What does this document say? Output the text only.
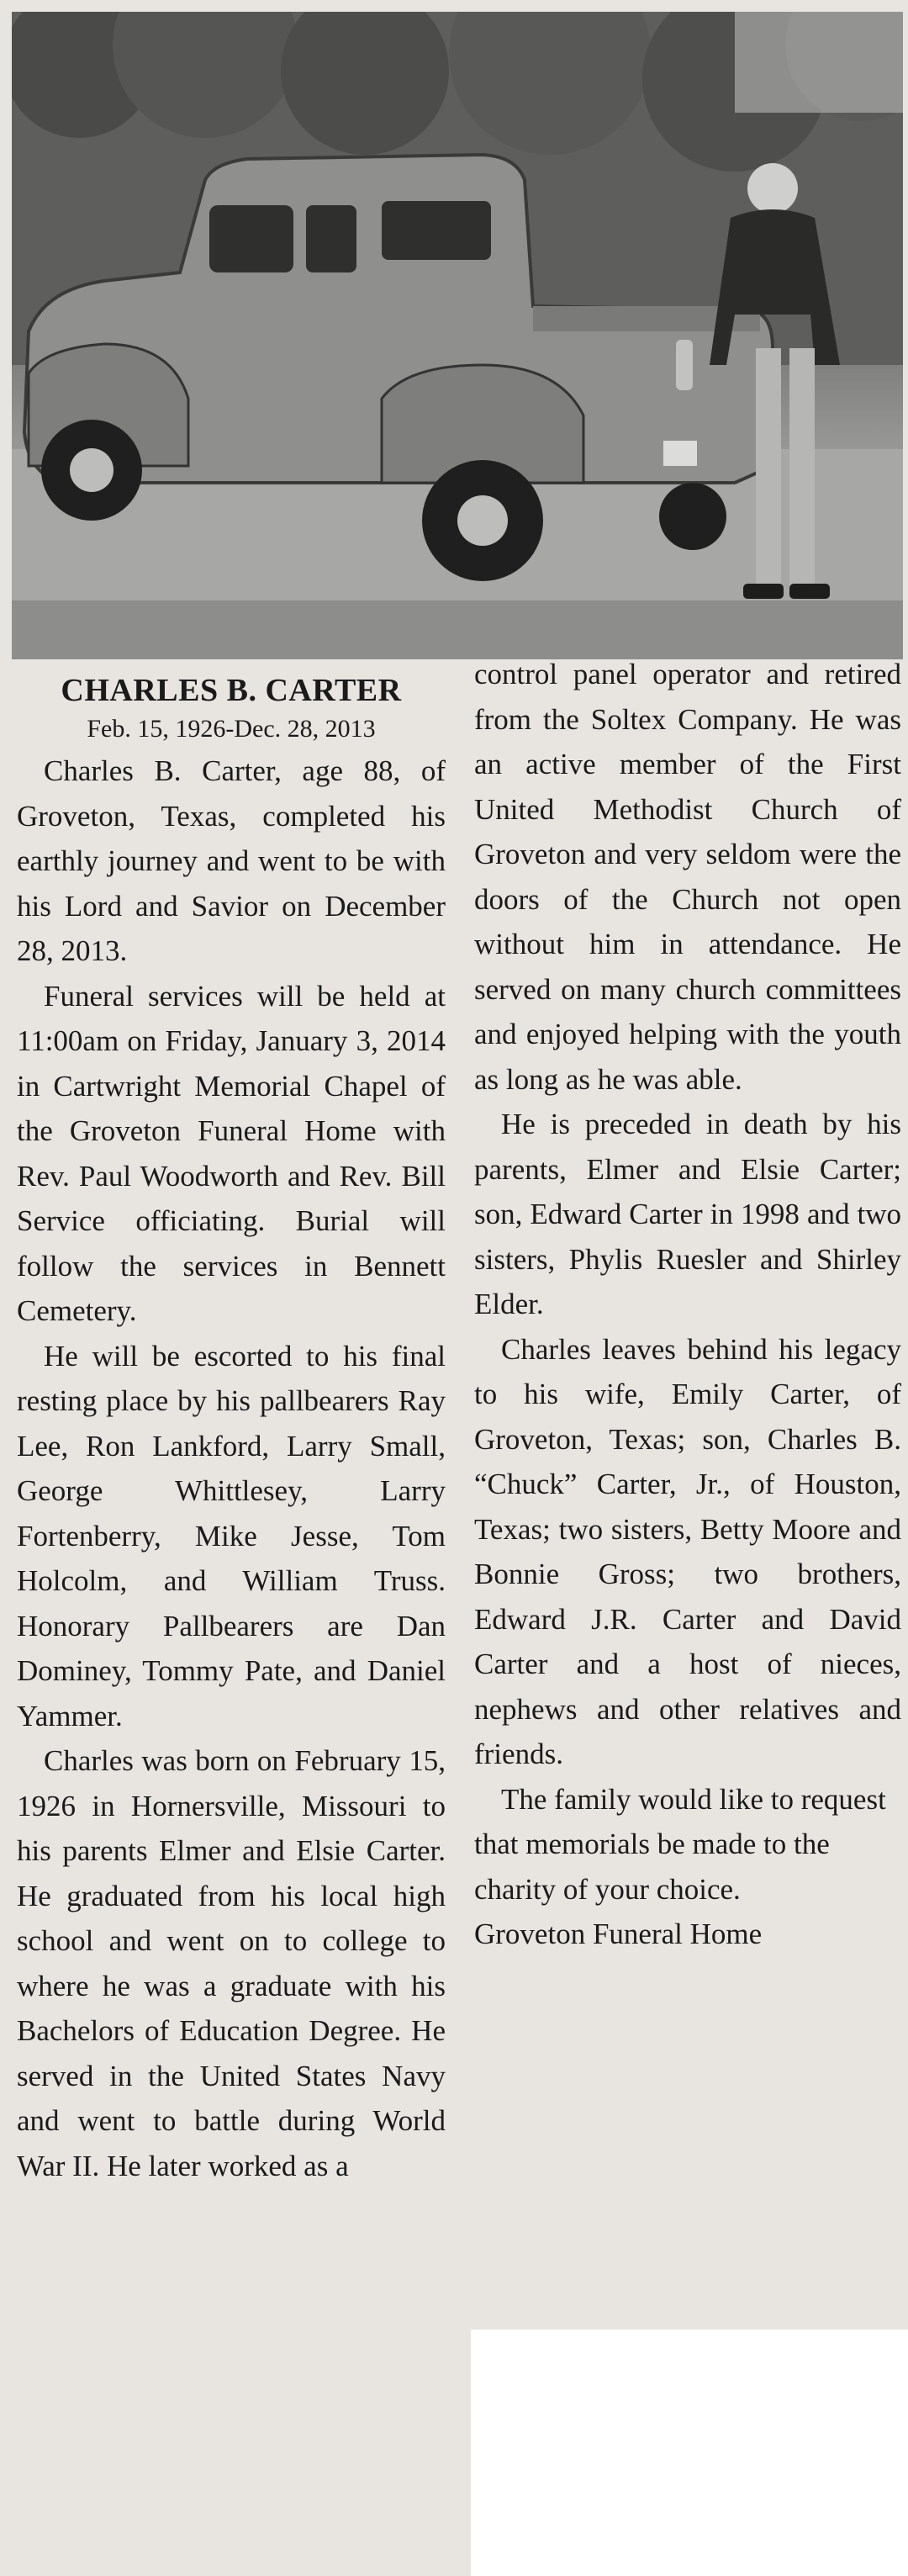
CHARLES B. CARTER
Feb. 15, 1926-Dec. 28, 2013

Charles B. Carter, age 88, of Groveton, Texas, completed his earthly journey and went to be with his Lord and Savior on December 28, 2013.

Funeral services will be held at 11:00am on Friday, January 3, 2014 in Cartwright Memorial Chapel of the Groveton Funeral Home with Rev. Paul Woodworth and Rev. Bill Service officiating. Burial will follow the services in Bennett Cemetery.

He will be escorted to his final resting place by his pallbearers Ray Lee, Ron Lankford, Larry Small, George Whittlesey, Larry Fortenberry, Mike Jesse, Tom Holcolm, and William Truss. Honorary Pallbearers are Dan Dominey, Tommy Pate, and Daniel Yammer.

Charles was born on February 15, 1926 in Hornersville, Missouri to his parents Elmer and Elsie Carter. He graduated from his local high school and went on to college to where he was a graduate with his Bachelors of Education Degree. He served in the United States Navy and went to battle during World War II. He later worked as a

control panel operator and retired from the Soltex Company. He was an active member of the First United Methodist Church of Groveton and very seldom were the doors of the Church not open without him in attendance. He served on many church committees and enjoyed helping with the youth as long as he was able.

He is preceded in death by his parents, Elmer and Elsie Carter; son, Edward Carter in 1998 and two sisters, Phylis Ruesler and Shirley Elder.

Charles leaves behind his legacy to his wife, Emily Carter, of Groveton, Texas; son, Charles B. “Chuck” Carter, Jr., of Houston, Texas; two sisters, Betty Moore and Bonnie Gross; two brothers, Edward J.R. Carter and David Carter and a host of nieces, nephews and other relatives and friends.

The family would like to request that memorials be made to the charity of your choice.

Groveton Funeral Home
